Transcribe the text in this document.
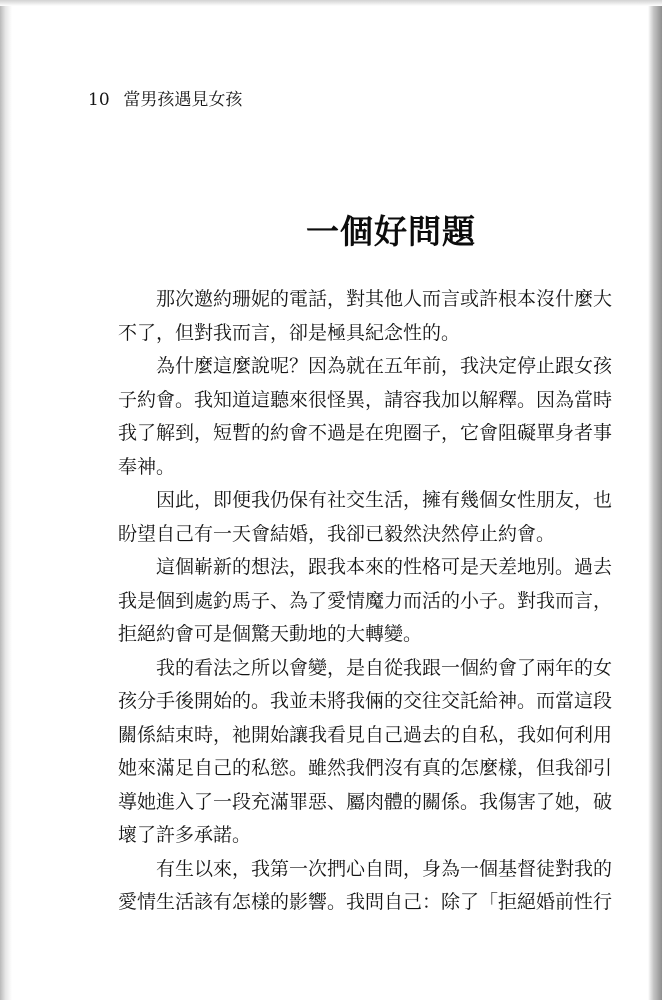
10 當男孩遇見女孩
一個好問題
那次邀約珊妮的電話，對其他人而言或許根本沒什麼大
不了，但對我而言，卻是極具紀念性的。
為什麼這麼說呢？因為就在五年前，我決定停止跟女孩
子約會。我知道這聽來很怪異，請容我加以解釋。因為當時
我了解到，短暫的約會不過是在兜圈子，它會阻礙單身者事
奉神。
因此，即便我仍保有社交生活，擁有幾個女性朋友，也
盼望自己有一天會結婚，我卻已毅然決然停止約會。
這個嶄新的想法，跟我本來的性格可是天差地別。過去
我是個到處釣馬子、為了愛情魔力而活的小子。對我而言，
拒絕約會可是個驚天動地的大轉變。
我的看法之所以會變，是自從我跟一個約會了兩年的女
孩分手後開始的。我並未將我倆的交往交託給神。而當這段
關係結束時，祂開始讓我看見自己過去的自私，我如何利用
她來滿足自己的私慾。雖然我們沒有真的怎麼樣，但我卻引
導她進入了一段充滿罪惡、屬肉體的關係。我傷害了她，破
壞了許多承諾。
有生以來，我第一次捫心自問，身為一個基督徒對我的
愛情生活該有怎樣的影響。我問自己：除了「拒絕婚前性行
